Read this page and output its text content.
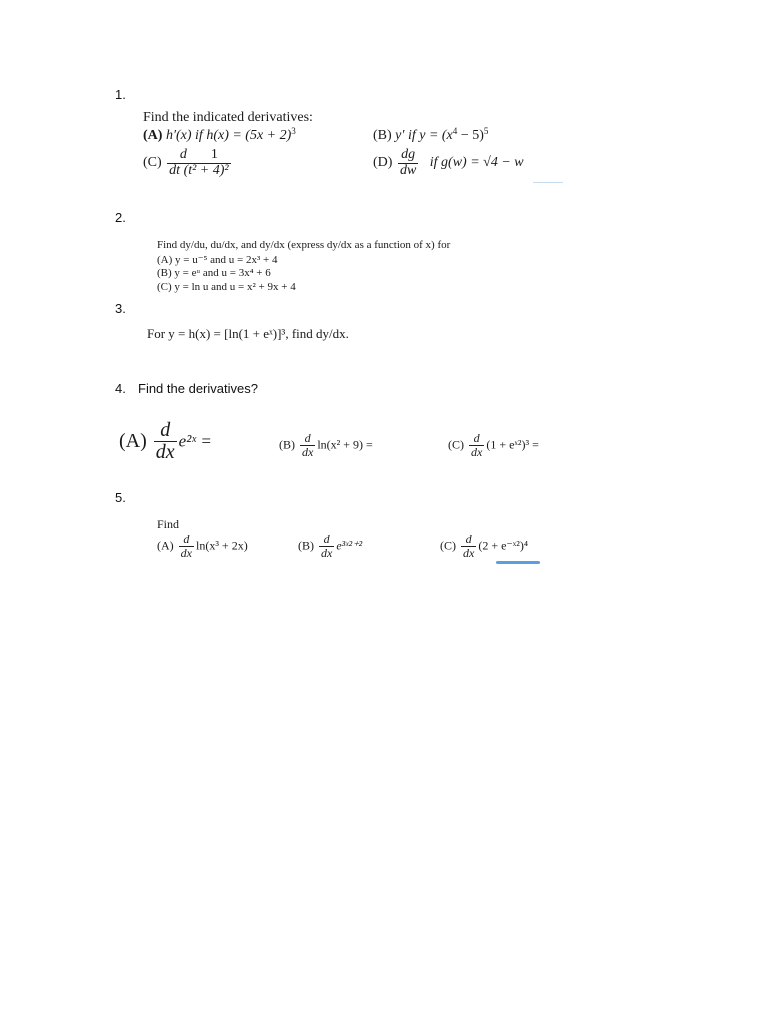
1.
Find the indicated derivatives:
(A) h′(x) if $h(x) = (5x + 2)^3$	(B) y′ if $y = (x^4 - 5)^5$
$(C) \frac{d 1}{\text{dt (t² + 4)²}}$	$(D) \frac{dg}{dw}$ if g(w) = √4 − w
2.
Find dy/du, du/dx, and dy/dx (express dy/dx as a function of x) for
(A) y = u⁻⁵ and u = 2x³ + 4
(B) y = eᵘ and u = 3x⁴ + 6
(C) y = ln u and u = x² + 9x + 4
3.
For y = h(x) = [ln(1 + eˣ)]³, find dy/dx.
4. Find the derivatives?
$(A) \frac{d}{dx}$ e²ˣ =	$(B) \frac{d}{dx} \ln(x^2 + 9)$ =	$(C) \frac{d}{dx} (1$ + eˣ²)³ =
5.
Find
$(A) \frac{d}{dx} \ln(x^3 + 2x)$	$(B) \frac{d}{dx}$ e³ˣ²⁺²	$(C) \frac{d}{dx} (2$ + e⁻ˣ²)⁴
